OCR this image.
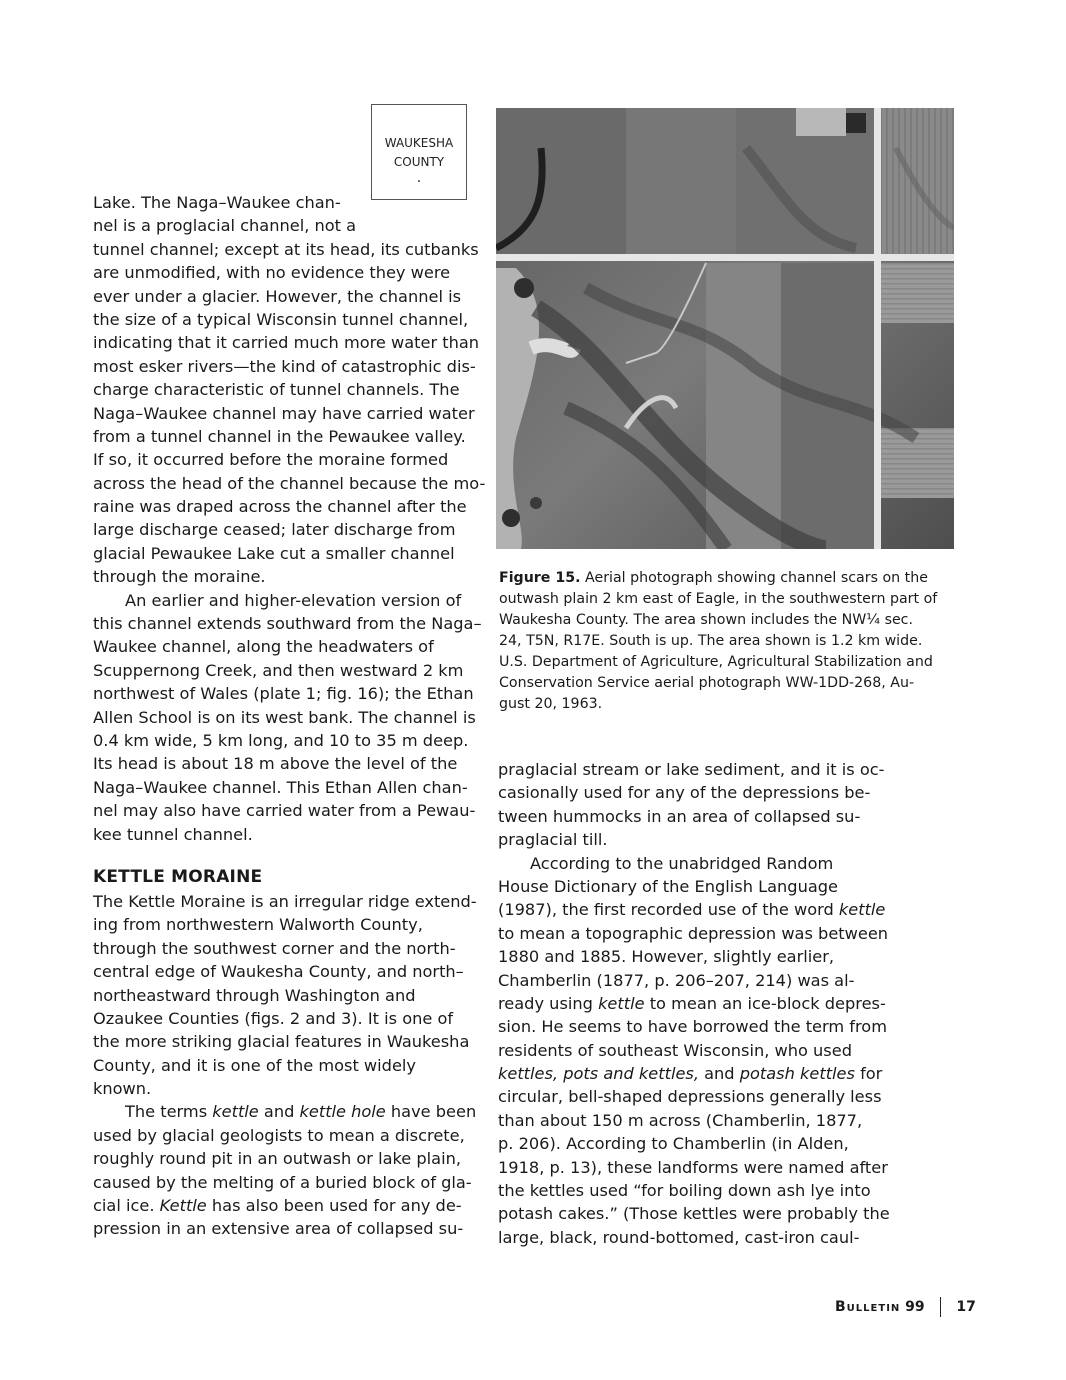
WAUKESHA
COUNTY
.
Lake. The Naga–Waukee chan-
nel is a proglacial channel, not a
tunnel channel; except at its head, its cutbanks
are unmodified, with no evidence they were
ever under a glacier. However, the channel is
the size of a typical Wisconsin tunnel channel,
indicating that it carried much more water than
most esker rivers—the kind of catastrophic dis-
charge characteristic of tunnel channels. The
Naga–Waukee channel may have carried water
from a tunnel channel in the Pewaukee valley.
If so, it occurred before the moraine formed
across the head of the channel because the mo-
raine was draped across the channel after the
large discharge ceased; later discharge from
glacial Pewaukee Lake cut a smaller channel
through the moraine.
An earlier and higher-elevation version of
this channel extends southward from the Naga–
Waukee channel, along the headwaters of
Scuppernong Creek, and then westward 2 km
northwest of Wales (plate 1; fig. 16); the Ethan
Allen School is on its west bank. The channel is
0.4 km wide, 5 km long, and 10 to 35 m deep.
Its head is about 18 m above the level of the
Naga–Waukee channel. This Ethan Allen chan-
nel may also have carried water from a Pewau-
kee tunnel channel.
KETTLE MORAINE
The Kettle Moraine is an irregular ridge extend-
ing from northwestern Walworth County,
through the southwest corner and the north-
central edge of Waukesha County, and north–
northeastward through Washington and
Ozaukee Counties (figs. 2 and 3). It is one of
the more striking glacial features in Waukesha
County, and it is one of the most widely
known.
The terms kettle and kettle hole have been
used by glacial geologists to mean a discrete,
roughly round pit in an outwash or lake plain,
caused by the melting of a buried block of gla-
cial ice. Kettle has also been used for any de-
pression in an extensive area of collapsed su-
Figure 15. Aerial photograph showing channel scars on the
outwash plain 2 km east of Eagle, in the southwestern part of
Waukesha County. The area shown includes the NW¼ sec.
24, T5N, R17E. South is up. The area shown is 1.2 km wide.
U.S. Department of Agriculture, Agricultural Stabilization and
Conservation Service aerial photograph WW-1DD-268, Au-
gust 20, 1963.
praglacial stream or lake sediment, and it is oc-
casionally used for any of the depressions be-
tween hummocks in an area of collapsed su-
praglacial till.
According to the unabridged Random
House Dictionary of the English Language
(1987), the first recorded use of the word kettle
to mean a topographic depression was between
1880 and 1885. However, slightly earlier,
Chamberlin (1877, p. 206–207, 214) was al-
ready using kettle to mean an ice-block depres-
sion. He seems to have borrowed the term from
residents of southeast Wisconsin, who used
kettles, pots and kettles, and potash kettles for
circular, bell-shaped depressions generally less
than about 150 m across (Chamberlin, 1877,
p. 206). According to Chamberlin (in Alden,
1918, p. 13), these landforms were named after
the kettles used “for boiling down ash lye into
potash cakes.” (Those kettles were probably the
large, black, round-bottomed, cast-iron caul-
Bulletin 99 17
